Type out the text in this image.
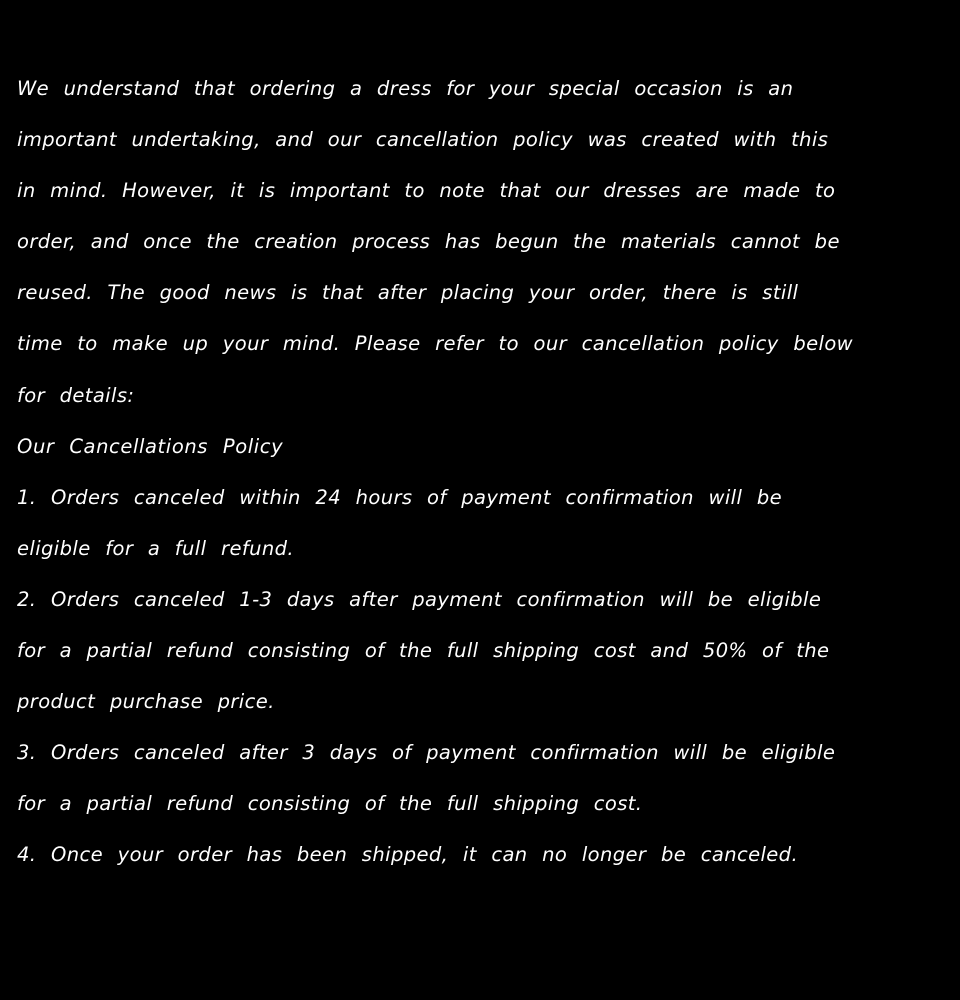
We understand that ordering a dress for your special occasion is an
important undertaking, and our cancellation policy was created with this
in mind. However, it is important to note that our dresses are made to
order, and once the creation process has begun the materials cannot be
reused. The good news is that after placing your order, there is still
time to make up your mind. Please refer to our cancellation policy below
for details:
Our Cancellations Policy
1. Orders canceled within 24 hours of payment confirmation will be
eligible for a full refund.
2. Orders canceled 1-3 days after payment confirmation will be eligible
for a partial refund consisting of the full shipping cost and 50% of the
product purchase price.
3. Orders canceled after 3 days of payment confirmation will be eligible
for a partial refund consisting of the full shipping cost.
4. Once your order has been shipped, it can no longer be canceled.
